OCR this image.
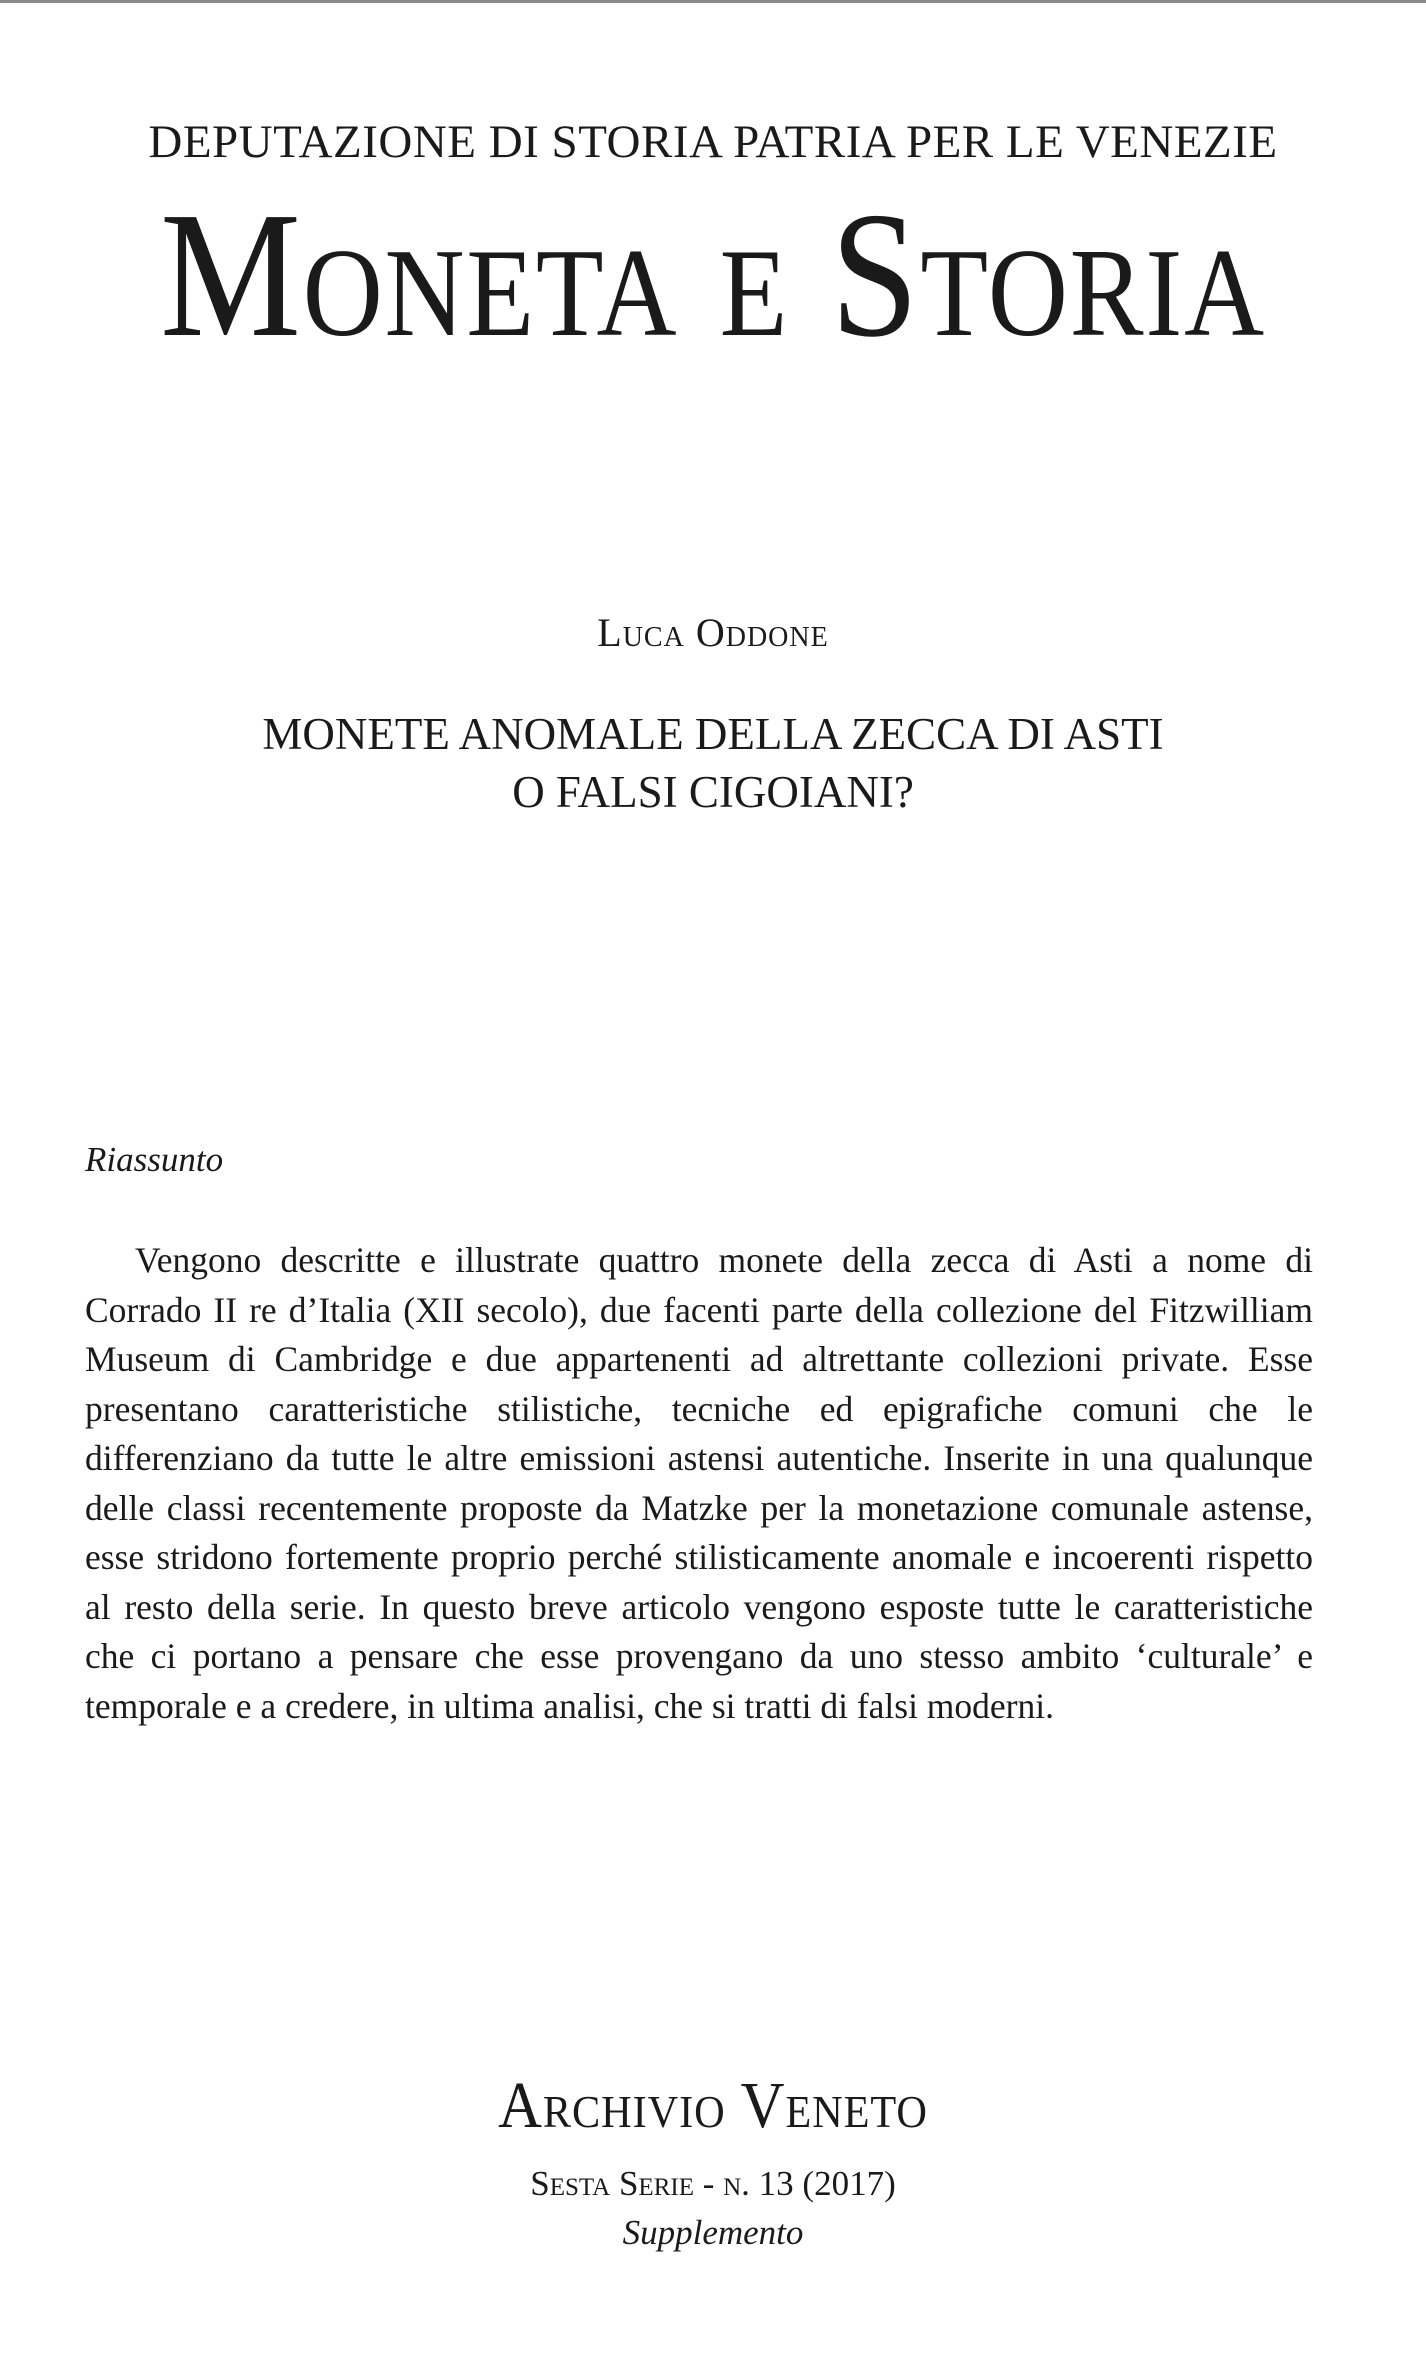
DEPUTAZIONE DI STORIA PATRIA PER LE VENEZIE
Moneta e Storia
Luca Oddone
MONETE ANOMALE DELLA ZECCA DI ASTI
O FALSI CIGOIANI?
Riassunto

Vengono descritte e illustrate quattro monete della zecca di Asti a nome di Corrado II re d’Italia (XII secolo), due facenti parte della collezione del Fitzwilliam Museum di Cambridge e due appartenenti ad altrettante collezioni private. Esse presentano caratteristiche stilistiche, tecniche ed epigrafiche comuni che le differenziano da tutte le altre emissioni astensi autentiche. Inserite in una qualunque delle classi recentemente proposte da Matzke per la monetazione comunale astense, esse stridono fortemente proprio perché stilisticamente anomale e incoerenti rispetto al resto della serie. In questo breve articolo vengono esposte tutte le caratteristiche che ci portano a pensare che esse provengano da uno stesso ambito ‘culturale’ e temporale e a credere, in ultima analisi, che si tratti di falsi moderni.

Archivio Veneto
Sesta Serie - n. 13 (2017)
Supplemento
